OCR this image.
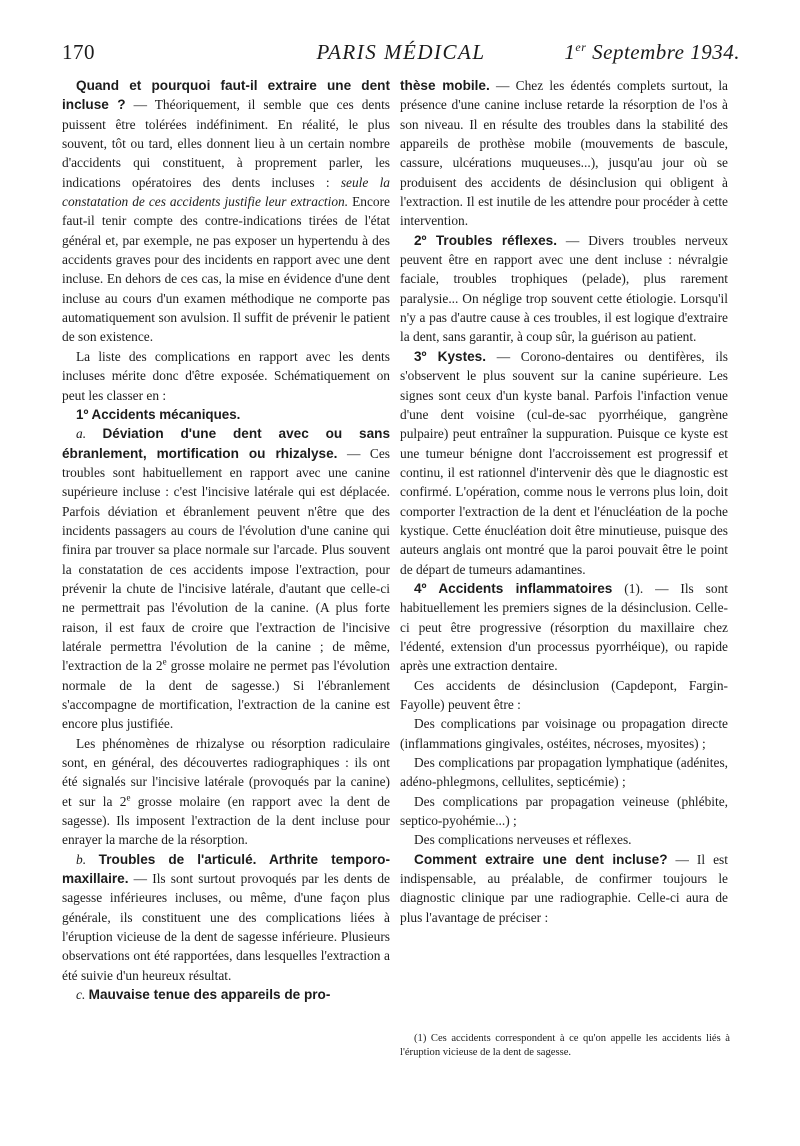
170	PARIS MÉDICAL	1er Septembre 1934.

Quand et pourquoi faut-il extraire une dent incluse ? — Théoriquement, il semble que ces dents puissent être tolérées indéfiniment. En réalité, le plus souvent, tôt ou tard, elles donnent lieu à un certain nombre d'accidents qui constituent, à proprement parler, les indications opératoires des dents incluses : seule la constatation de ces accidents justifie leur extraction. Encore faut-il tenir compte des contre-indications tirées de l'état général et, par exemple, ne pas exposer un hypertendu à des accidents graves pour des incidents en rapport avec une dent incluse. En dehors de ces cas, la mise en évidence d'une dent incluse au cours d'un examen méthodique ne comporte pas automatiquement son avulsion. Il suffit de prévenir le patient de son existence.

La liste des complications en rapport avec les dents incluses mérite donc d'être exposée. Schématiquement on peut les classer en :

1º Accidents mécaniques.

a. Déviation d'une dent avec ou sans ébranlement, mortification ou rhizalyse. — Ces troubles sont habituellement en rapport avec une canine supérieure incluse : c'est l'incisive latérale qui est déplacée. Parfois déviation et ébranlement peuvent n'être que des incidents passagers au cours de l'évolution d'une canine qui finira par trouver sa place normale sur l'arcade. Plus souvent la constatation de ces accidents impose l'extraction, pour prévenir la chute de l'incisive latérale, d'autant que celle-ci ne permettrait pas l'évolution de la canine. (A plus forte raison, il est faux de croire que l'extraction de l'incisive latérale permettra l'évolution de la canine ; de même, l'extraction de la 2e grosse molaire ne permet pas l'évolution normale de la dent de sagesse.) Si l'ébranlement s'accompagne de mortification, l'extraction de la canine est encore plus justifiée.

Les phénomènes de rhizalyse ou résorption radiculaire sont, en général, des découvertes radiographiques : ils ont été signalés sur l'incisive latérale (provoqués par la canine) et sur la 2e grosse molaire (en rapport avec la dent de sagesse). Ils imposent l'extraction de la dent incluse pour enrayer la marche de la résorption.

b. Troubles de l'articulé. Arthrite temporo-maxillaire. — Ils sont surtout provoqués par les dents de sagesse inférieures incluses, ou même, d'une façon plus générale, ils constituent une des complications liées à l'éruption vicieuse de la dent de sagesse inférieure. Plusieurs observations ont été rapportées, dans lesquelles l'extraction a été suivie d'un heureux résultat.

c. Mauvaise tenue des appareils de pro-

thèse mobile. — Chez les édentés complets surtout, la présence d'une canine incluse retarde la résorption de l'os à son niveau. Il en résulte des troubles dans la stabilité des appareils de prothèse mobile (mouvements de bascule, cassure, ulcérations muqueuses...), jusqu'au jour où se produisent des accidents de désinclusion qui obligent à l'extraction. Il est inutile de les attendre pour procéder à cette intervention.

2º Troubles réflexes. — Divers troubles nerveux peuvent être en rapport avec une dent incluse : névralgie faciale, troubles trophiques (pelade), plus rarement paralysie... On néglige trop souvent cette étiologie. Lorsqu'il n'y a pas d'autre cause à ces troubles, il est logique d'extraire la dent, sans garantir, à coup sûr, la guérison au patient.

3º Kystes. — Corono-dentaires ou dentifères, ils s'observent le plus souvent sur la canine supérieure. Les signes sont ceux d'un kyste banal. Parfois l'infaction venue d'une dent voisine (cul-de-sac pyorrhéique, gangrène pulpaire) peut entraîner la suppuration. Puisque ce kyste est une tumeur bénigne dont l'accroissement est progressif et continu, il est rationnel d'intervenir dès que le diagnostic est confirmé. L'opération, comme nous le verrons plus loin, doit comporter l'extraction de la dent et l'énucléation de la poche kystique. Cette énucléation doit être minutieuse, puisque des auteurs anglais ont montré que la paroi pouvait être le point de départ de tumeurs adamantines.

4º Accidents inflammatoires (1). — Ils sont habituellement les premiers signes de la désinclusion. Celle-ci peut être progressive (résorption du maxillaire chez l'édenté, extension d'un processus pyorrhéique), ou rapide après une extraction dentaire.

Ces accidents de désinclusion (Capdepont, Fargin-Fayolle) peuvent être :

Des complications par voisinage ou propagation directe (inflammations gingivales, ostéites, nécroses, myosites) ;

Des complications par propagation lymphatique (adénites, adéno-phlegmons, cellulites, septicémie) ;

Des complications par propagation veineuse (phlébite, septico-pyohémie...) ;

Des complications nerveuses et réflexes.

Comment extraire une dent incluse? — Il est indispensable, au préalable, de confirmer toujours le diagnostic clinique par une radiographie. Celle-ci aura de plus l'avantage de préciser :

(1) Ces accidents correspondent à ce qu'on appelle les accidents liés à l'éruption vicieuse de la dent de sagesse.
